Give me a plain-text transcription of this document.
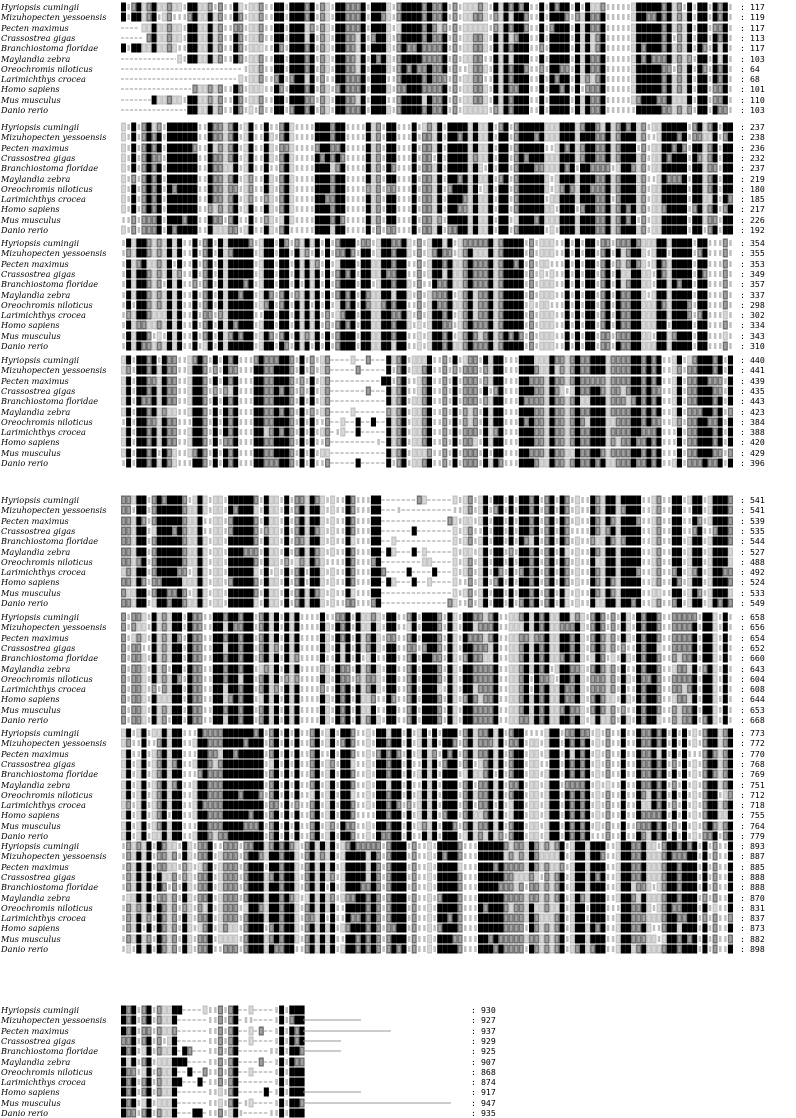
Hyriopsis cumingii	: 117
Mizuhopecten yessoensis	: 119
Pecten maximus	: 117
Crassostrea gigas	: 113
Branchiostoma floridae	: 117
Maylandia zebra	: 103
Oreochromis niloticus	: 64
Larimichthys crocea	: 68
Homo sapiens	: 101
Mus musculus	: 110
Danio rerio	: 103
Hyriopsis cumingii	: 237
Mizuhopecten yessoensis	: 238
Pecten maximus	: 236
Crassostrea gigas	: 232
Branchiostoma floridae	: 237
Maylandia zebra	: 219
Oreochromis niloticus	: 180
Larimichthys crocea	: 185
Homo sapiens	: 217
Mus musculus	: 226
Danio rerio	: 192
Hyriopsis cumingii	: 354
Mizuhopecten yessoensis	: 355
Pecten maximus	: 353
Crassostrea gigas	: 349
Branchiostoma floridae	: 357
Maylandia zebra	: 337
Oreochromis niloticus	: 298
Larimichthys crocea	: 302
Homo sapiens	: 334
Mus musculus	: 343
Danio rerio	: 310
Hyriopsis cumingii	: 440
Mizuhopecten yessoensis	: 441
Pecten maximus	: 439
Crassostrea gigas	: 435
Branchiostoma floridae	: 443
Maylandia zebra	: 423
Oreochromis niloticus	: 384
Larimichthys crocea	: 388
Homo sapiens	: 420
Mus musculus	: 429
Danio rerio	: 396
Hyriopsis cumingii	: 541
Mizuhopecten yessoensis	: 541
Pecten maximus	: 539
Crassostrea gigas	: 535
Branchiostoma floridae	: 544
Maylandia zebra	: 527
Oreochromis niloticus	: 488
Larimichthys crocea	: 492
Homo sapiens	: 524
Mus musculus	: 533
Danio rerio	: 549
Hyriopsis cumingii	: 658
Mizuhopecten yessoensis	: 656
Pecten maximus	: 654
Crassostrea gigas	: 652
Branchiostoma floridae	: 660
Maylandia zebra	: 643
Oreochromis niloticus	: 604
Larimichthys crocea	: 608
Homo sapiens	: 644
Mus musculus	: 653
Danio rerio	: 668
Hyriopsis cumingii	: 773
Mizuhopecten yessoensis	: 772
Pecten maximus	: 770
Crassostrea gigas	: 768
Branchiostoma floridae	: 769
Maylandia zebra	: 751
Oreochromis niloticus	: 712
Larimichthys crocea	: 718
Homo sapiens	: 755
Mus musculus	: 764
Danio rerio	: 779
Hyriopsis cumingii	: 893
Mizuhopecten yessoensis	: 887
Pecten maximus	: 885
Crassostrea gigas	: 888
Branchiostoma floridae	: 888
Maylandia zebra	: 870
Oreochromis niloticus	: 831
Larimichthys crocea	: 837
Homo sapiens	: 873
Mus musculus	: 882
Danio rerio	: 898
Hyriopsis cumingii	: 930
Mizuhopecten yessoensis	: 927
Pecten maximus	: 937
Crassostrea gigas	: 929
Branchiostoma floridae	: 925
Maylandia zebra	: 907
Oreochromis niloticus	: 868
Larimichthys crocea	: 874
Homo sapiens	: 917
Mus musculus	: 947
Danio rerio	: 935
